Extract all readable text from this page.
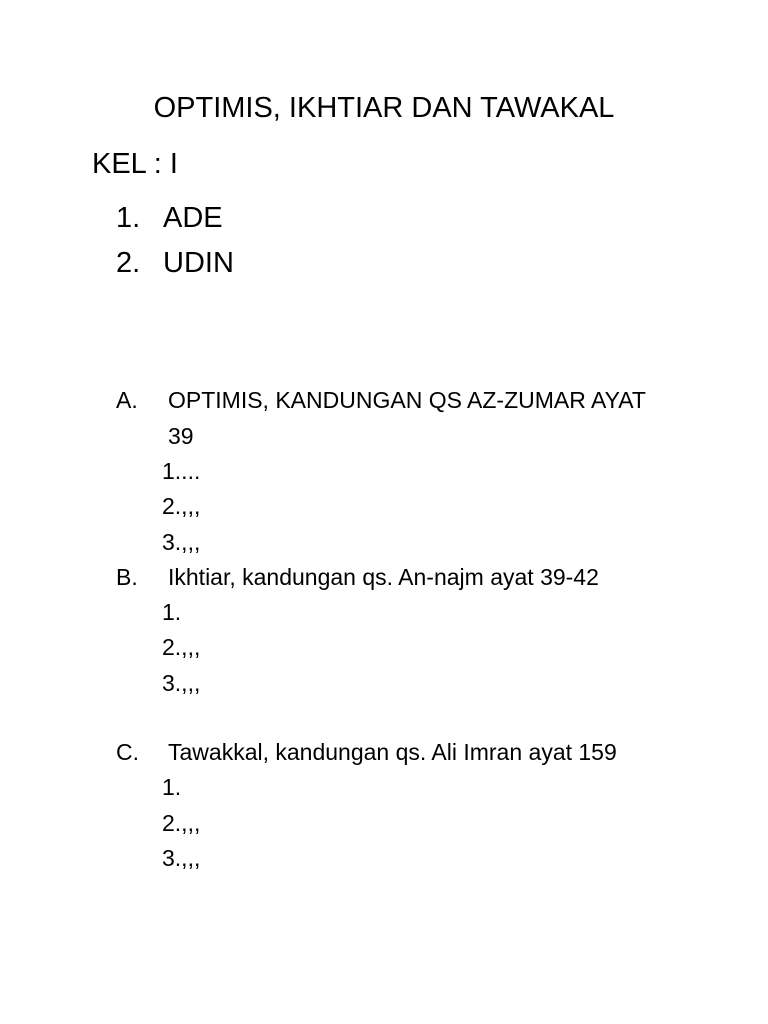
OPTIMIS, IKHTIAR DAN TAWAKAL
KEL : I
1. ADE
2. UDIN
A. OPTIMIS, KANDUNGAN QS AZ-ZUMAR AYAT
39
1....
2.,,,
3.,,,
B. Ikhtiar, kandungan qs. An-najm ayat 39-42
1.
2.,,,
3.,,,
C. Tawakkal, kandungan qs. Ali Imran ayat 159
1.
2.,,,
3.,,,
